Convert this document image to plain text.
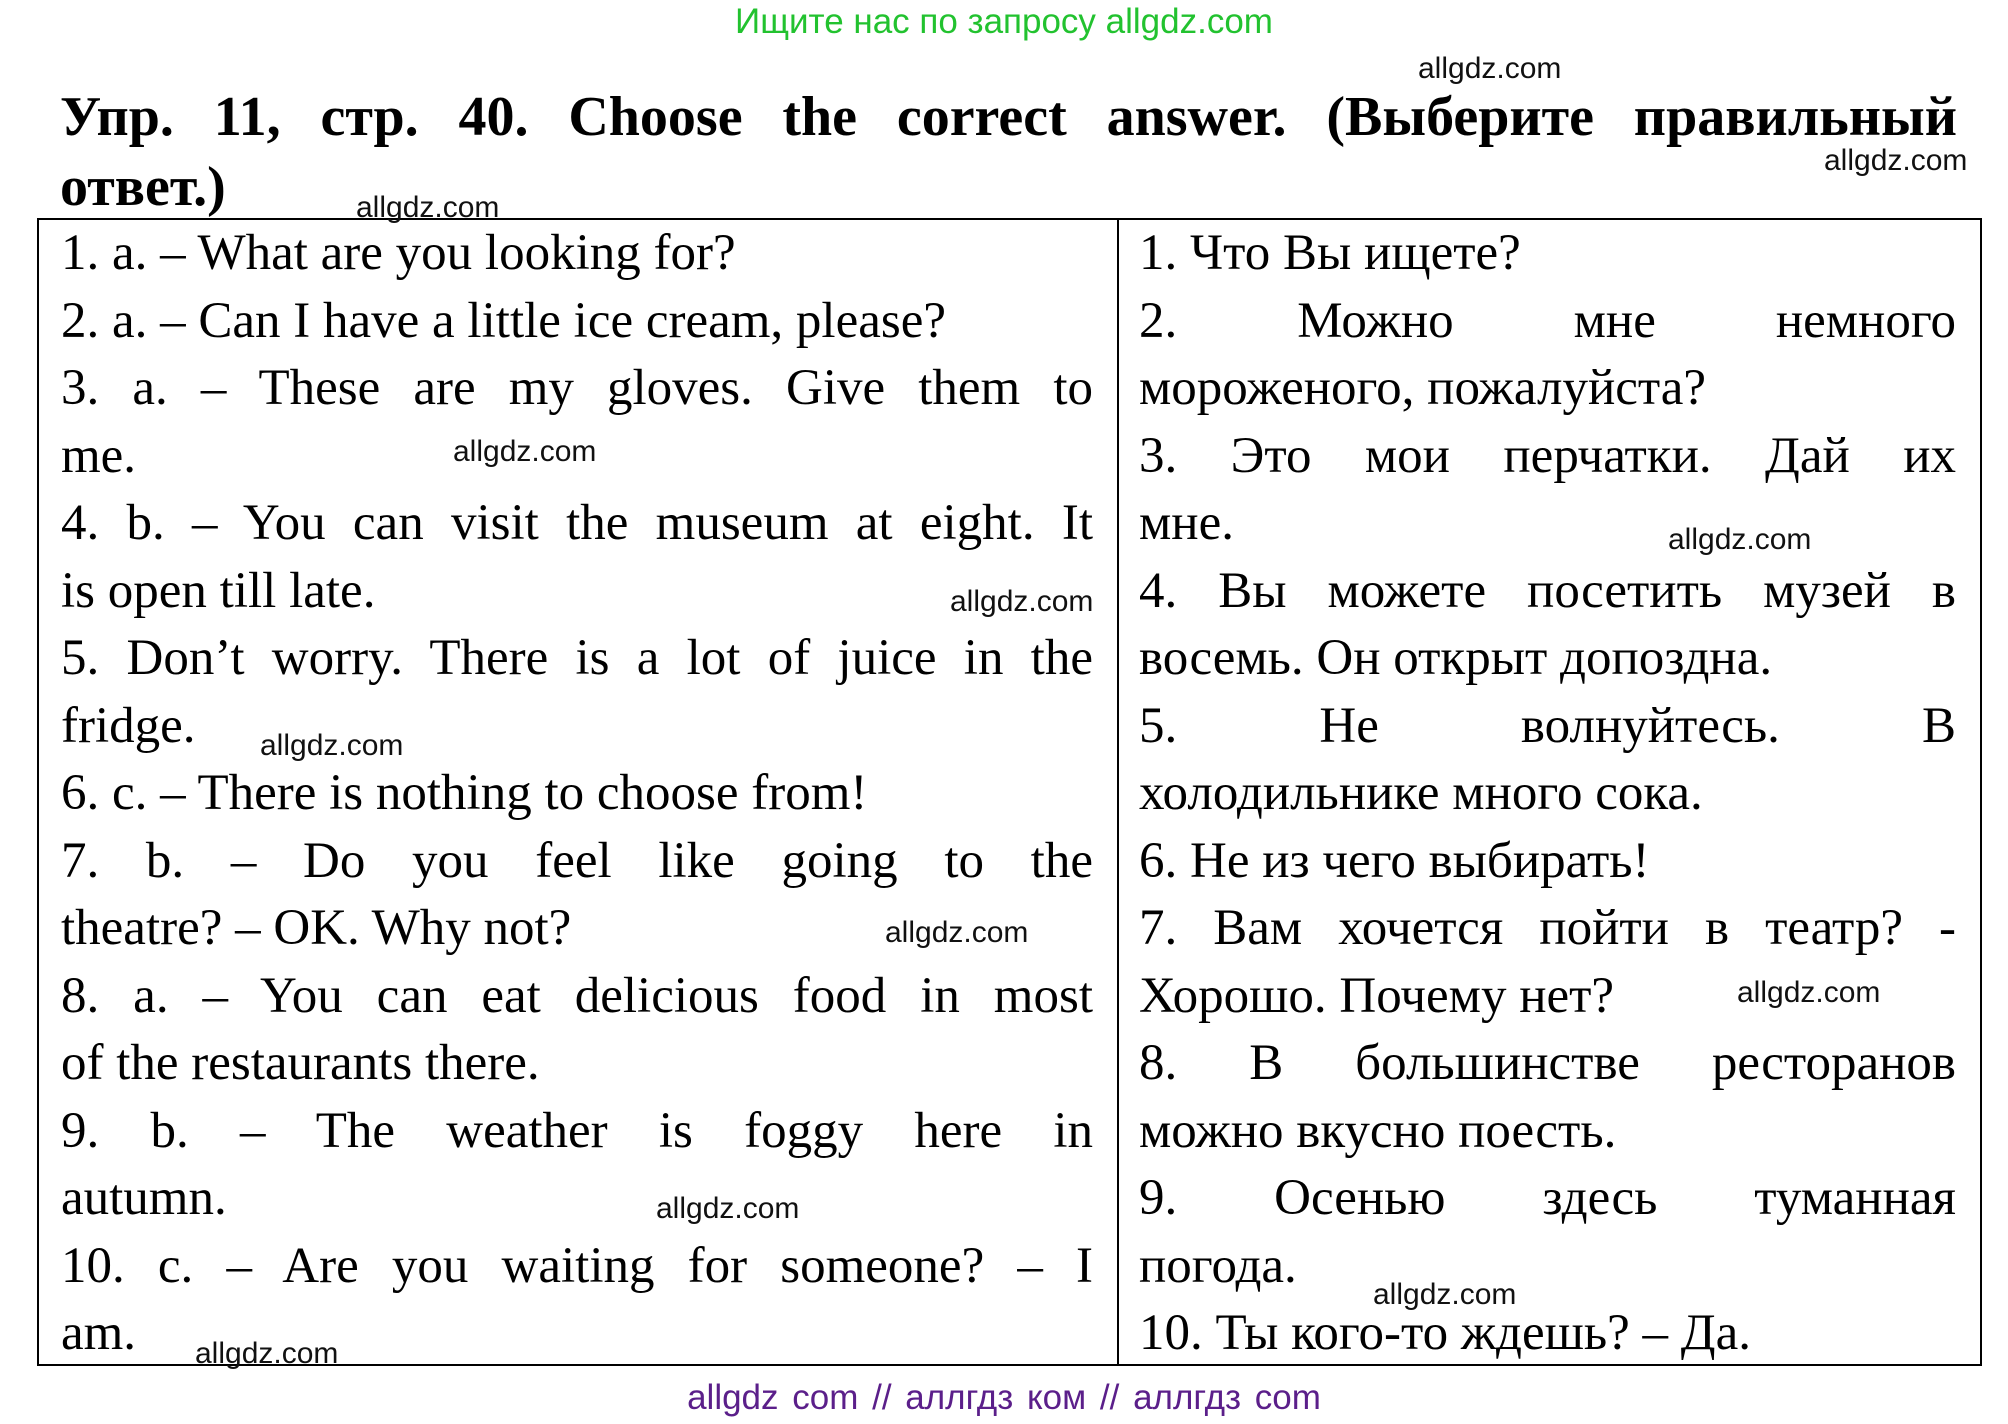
Ищите нас по запросу allgdz.com
Упр. 11, стр. 40. Choose the correct answer. (Выберите правильный ответ.)
1. a. – What are you looking for?
2. a. – Can I have a little ice cream, please?
3. a. – These are my gloves. Give them to
me.
4. b. – You can visit the museum at eight. It
is open till late.
5. Don’t worry. There is a lot of juice in the
fridge.
6. c. – There is nothing to choose from!
7. b. – Do you feel like going to the
theatre? – OK. Why not?
8. a. – You can eat delicious food in most
of the restaurants there.
9. b. – The weather is foggy here in
autumn.
10. c. – Are you waiting for someone? – I
am.
1. Что Вы ищете?
2. Можно мне немного
мороженого, пожалуйста?
3. Это мои перчатки. Дай их
мне.
4. Вы можете посетить музей в
восемь. Он открыт допоздна.
5. Не волнуйтесь. В
холодильнике много сока.
6. Не из чего выбирать!
7. Вам хочется пойти в театр? -
Хорошо. Почему нет?
8. В большинстве ресторанов
можно вкусно поесть.
9. Осенью здесь туманная
погода.
10. Ты кого-то ждешь? – Да.
allgdz.com
allgdz.com
allgdz.com
allgdz.com
allgdz.com
allgdz.com
allgdz.com
allgdz.com
allgdz.com
allgdz.com
allgdz.com
allgdz.com
allgdz com // аллгдз ком // аллгдз com
